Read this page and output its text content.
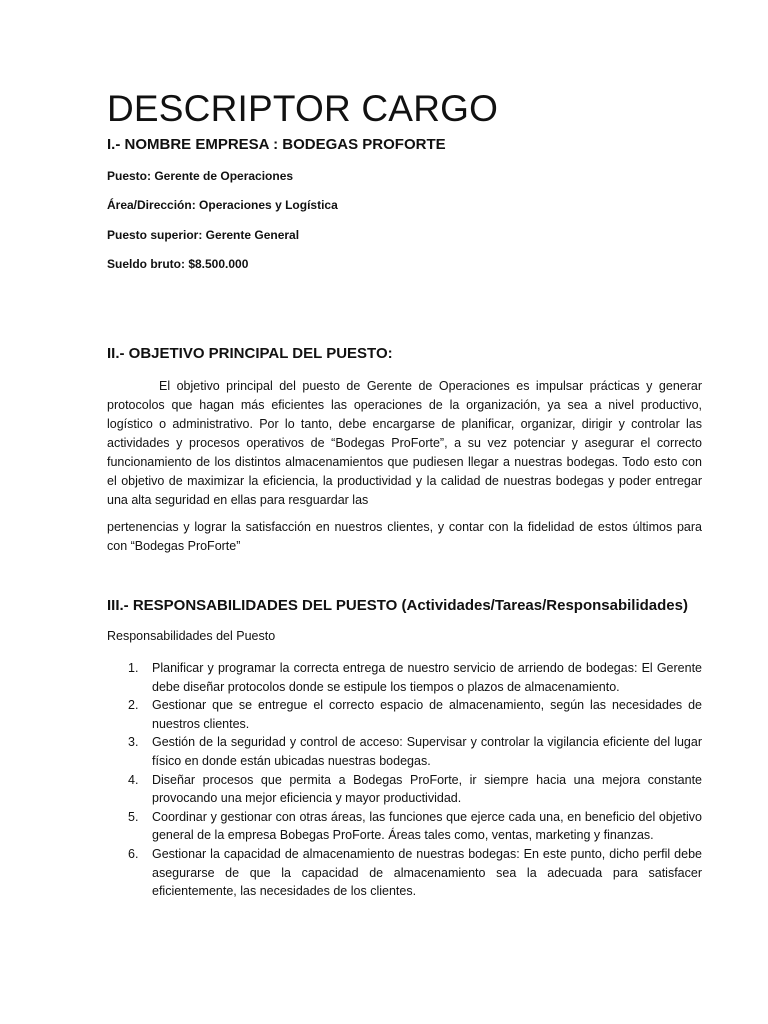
DESCRIPTOR CARGO
I.- NOMBRE EMPRESA : BODEGAS PROFORTE

Puesto: Gerente de Operaciones

Área/Dirección: Operaciones y Logística

Puesto superior: Gerente General

Sueldo bruto: $8.500.000

II.- OBJETIVO PRINCIPAL DEL PUESTO:

El objetivo principal del puesto de Gerente de Operaciones es impulsar prácticas y generar protocolos que hagan más eficientes las operaciones de la organización, ya sea a nivel productivo, logístico o administrativo. Por lo tanto, debe encargarse de planificar, organizar, dirigir y controlar las actividades y procesos operativos de “Bodegas ProForte”, a su vez potenciar y asegurar el correcto funcionamiento de los distintos almacenamientos que pudiesen llegar a nuestras bodegas. Todo esto con el objetivo de maximizar la eficiencia, la productividad y la calidad de nuestras bodegas y poder entregar una alta seguridad en ellas para resguardar las

pertenencias y lograr la satisfacción en nuestros clientes, y contar con la fidelidad de estos últimos para con “Bodegas ProForte”

III.- RESPONSABILIDADES DEL PUESTO (Actividades/Tareas/Responsabilidades)

Responsabilidades del Puesto

1. Planificar y programar la correcta entrega de nuestro servicio de arriendo de bodegas: El Gerente debe diseñar protocolos donde se estipule los tiempos o plazos de almacenamiento.
2. Gestionar que se entregue el correcto espacio de almacenamiento, según las necesidades de nuestros clientes.
3. Gestión de la seguridad y control de acceso: Supervisar y controlar la vigilancia eficiente del lugar físico en donde están ubicadas nuestras bodegas.
4. Diseñar procesos que permita a Bodegas ProForte, ir siempre hacia una mejora constante provocando una mejor eficiencia y mayor productividad.
5. Coordinar y gestionar con otras áreas, las funciones que ejerce cada una, en beneficio del objetivo general de la empresa Bobegas ProForte. Áreas tales como, ventas, marketing y finanzas.
6. Gestionar la capacidad de almacenamiento de nuestras bodegas: En este punto, dicho perfil debe asegurarse de que la capacidad de almacenamiento sea la adecuada para satisfacer eficientemente, las necesidades de los clientes.
